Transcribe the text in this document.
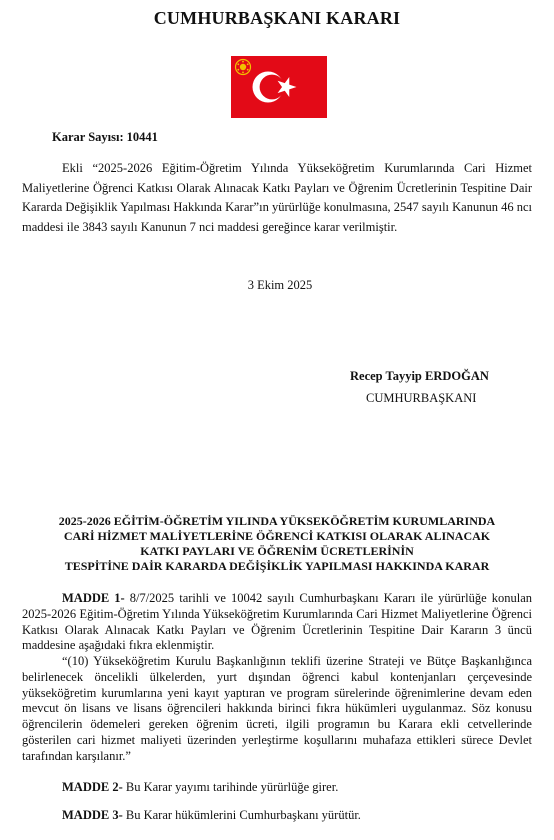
CUMHURBAŞKANI KARARI
Karar Sayısı: 10441
Ekli “2025-2026 Eğitim-Öğretim Yılında Yükseköğretim Kurumlarında Cari Hizmet Maliyetlerine Öğrenci Katkısı Olarak Alınacak Katkı Payları ve Öğrenim Ücretlerinin Tespitine Dair Kararda Değişiklik Yapılması Hakkında Karar”ın yürürlüğe konulmasına, 2547 sayılı Kanunun 46 ncı maddesi ile 3843 sayılı Kanunun 7 nci maddesi gereğince karar verilmiştir.
3 Ekim 2025
Recep Tayyip ERDOĞAN
CUMHURBAŞKANI
2025-2026 EĞİTİM-ÖĞRETİM YILINDA YÜKSEKÖĞRETİM KURUMLARINDA
CARİ HİZMET MALİYETLERİNE ÖĞRENCİ KATKISI OLARAK ALINACAK
KATKI PAYLARI VE ÖĞRENİM ÜCRETLERİNİN
TESPİTİNE DAİR KARARDA DEĞİŞİKLİK YAPILMASI HAKKINDA KARAR
MADDE 1- 8/7/2025 tarihli ve 10042 sayılı Cumhurbaşkanı Kararı ile yürürlüğe konulan 2025-2026 Eğitim-Öğretim Yılında Yükseköğretim Kurumlarında Cari Hizmet Maliyetlerine Öğrenci Katkısı Olarak Alınacak Katkı Payları ve Öğrenim Ücretlerinin Tespitine Dair Kararın 3 üncü maddesine aşağıdaki fıkra eklenmiştir.
“(10) Yükseköğretim Kurulu Başkanlığının teklifi üzerine Strateji ve Bütçe Başkanlığınca belirlenecek öncelikli ülkelerden, yurt dışından öğrenci kabul kontenjanları çerçevesinde yükseköğretim kurumlarına yeni kayıt yaptıran ve program sürelerinde öğrenimlerine devam eden mevcut ön lisans ve lisans öğrencileri hakkında birinci fıkra hükümleri uygulanmaz. Söz konusu öğrencilerin ödemeleri gereken öğrenim ücreti, ilgili programın bu Karara ekli cetvellerinde gösterilen cari hizmet maliyeti üzerinden yerleştirme koşullarını muhafaza ettikleri sürece Devlet tarafından karşılanır.”
MADDE 2- Bu Karar yayımı tarihinde yürürlüğe girer.
MADDE 3- Bu Karar hükümlerini Cumhurbaşkanı yürütür.
